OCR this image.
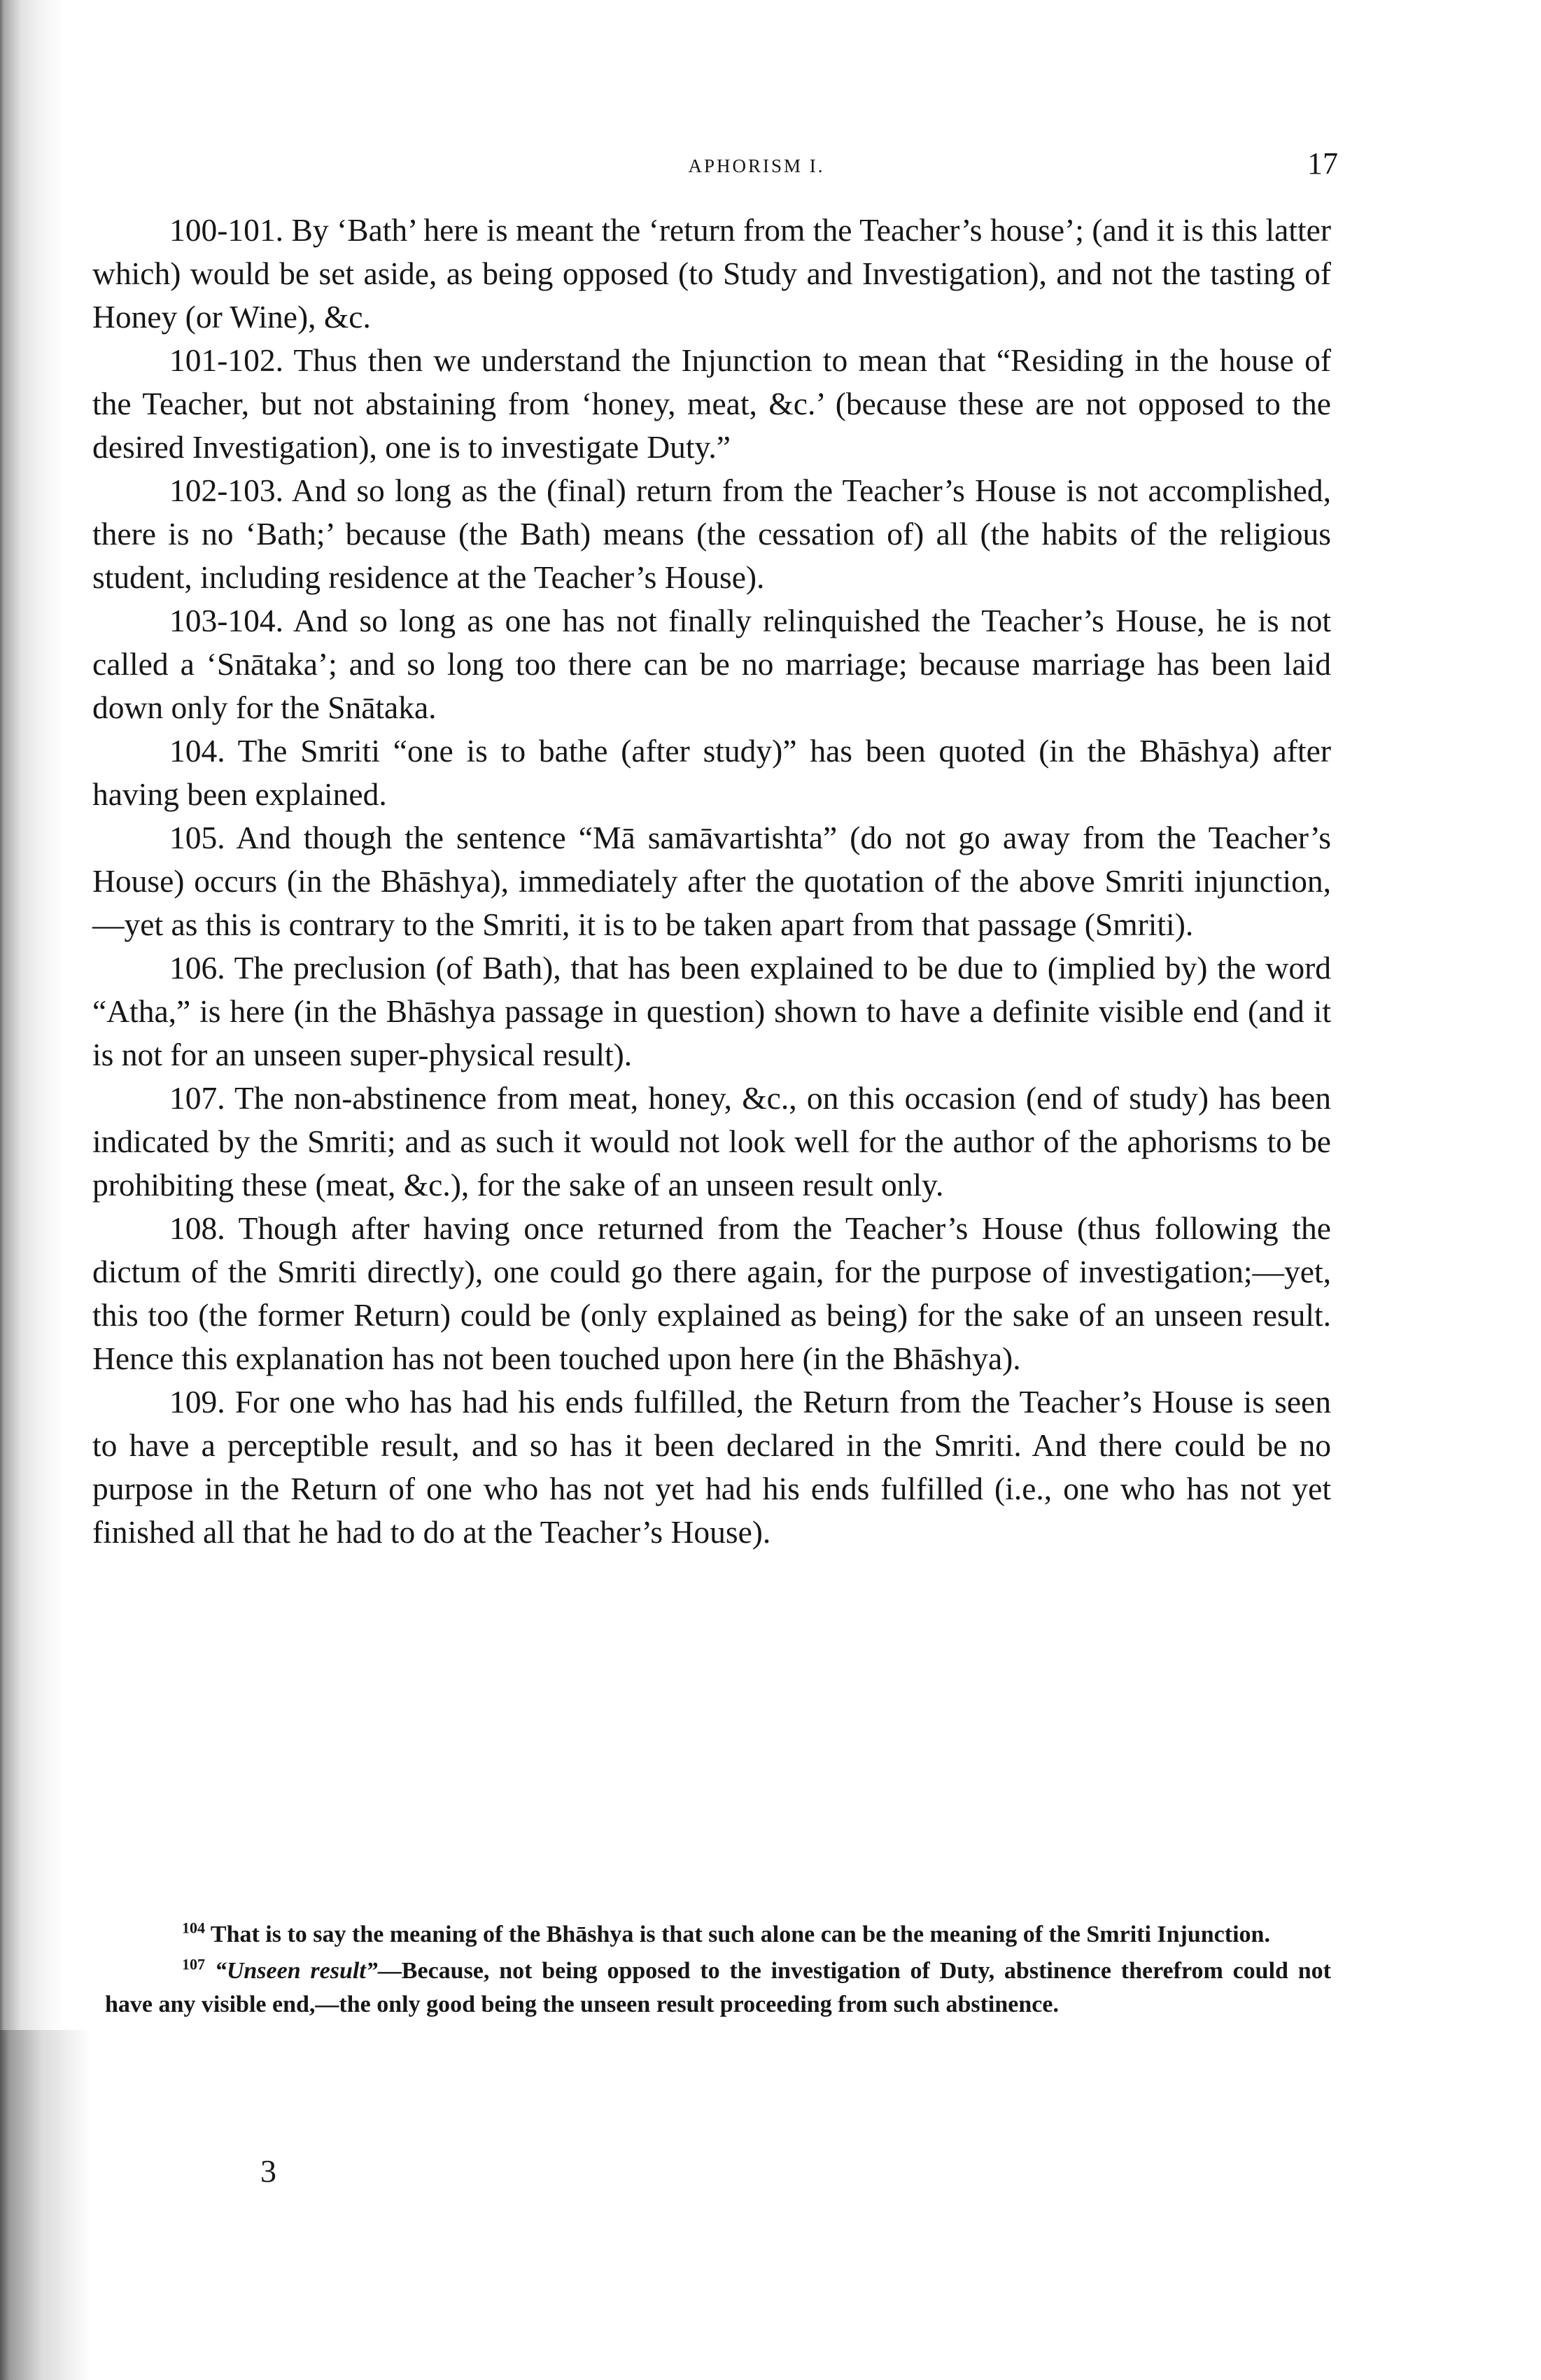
APHORISM I.	17

100-101. By ‘Bath’ here is meant the ‘return from the Teacher’s house’; (and it is this latter which) would be set aside, as being opposed (to Study and Investigation), and not the tasting of Honey (or Wine), &c.

101-102. Thus then we understand the Injunction to mean that “Residing in the house of the Teacher, but not abstaining from ‘honey, meat, &c.’ (because these are not opposed to the desired Investigation), one is to investigate Duty.”

102-103. And so long as the (final) return from the Teacher’s House is not accomplished, there is no ‘Bath;’ because (the Bath) means (the cessation of) all (the habits of the religious student, including residence at the Teacher’s House).

103-104. And so long as one has not finally relinquished the Teacher’s House, he is not called a ‘Snātaka’; and so long too there can be no marriage; because marriage has been laid down only for the Snātaka.

104. The Smriti “one is to bathe (after study)” has been quoted (in the Bhāshya) after having been explained.

105. And though the sentence “Mā samāvartishta” (do not go away from the Teacher’s House) occurs (in the Bhāshya), immediately after the quotation of the above Smriti injunction,—yet as this is contrary to the Smriti, it is to be taken apart from that passage (Smriti).

106. The preclusion (of Bath), that has been explained to be due to (implied by) the word “Atha,” is here (in the Bhāshya passage in question) shown to have a definite visible end (and it is not for an unseen super-physical result).

107. The non-abstinence from meat, honey, &c., on this occasion (end of study) has been indicated by the Smriti; and as such it would not look well for the author of the aphorisms to be prohibiting these (meat, &c.), for the sake of an unseen result only.

108. Though after having once returned from the Teacher’s House (thus following the dictum of the Smriti directly), one could go there again, for the purpose of investigation;—yet, this too (the former Return) could be (only explained as being) for the sake of an unseen result. Hence this explanation has not been touched upon here (in the Bhāshya).

109. For one who has had his ends fulfilled, the Return from the Teacher’s House is seen to have a perceptible result, and so has it been declared in the Smriti. And there could be no purpose in the Return of one who has not yet had his ends fulfilled (i.e., one who has not yet finished all that he had to do at the Teacher’s House).

$^{104}$ That is to say the meaning of the Bhāshya is that such alone can be the meaning of the Smriti Injunction.

$^{107}$ “Unseen result”—Because, not being opposed to the investigation of Duty, abstinence therefrom could not have any visible end,—the only good being the unseen result proceeding from such abstinence.

3
